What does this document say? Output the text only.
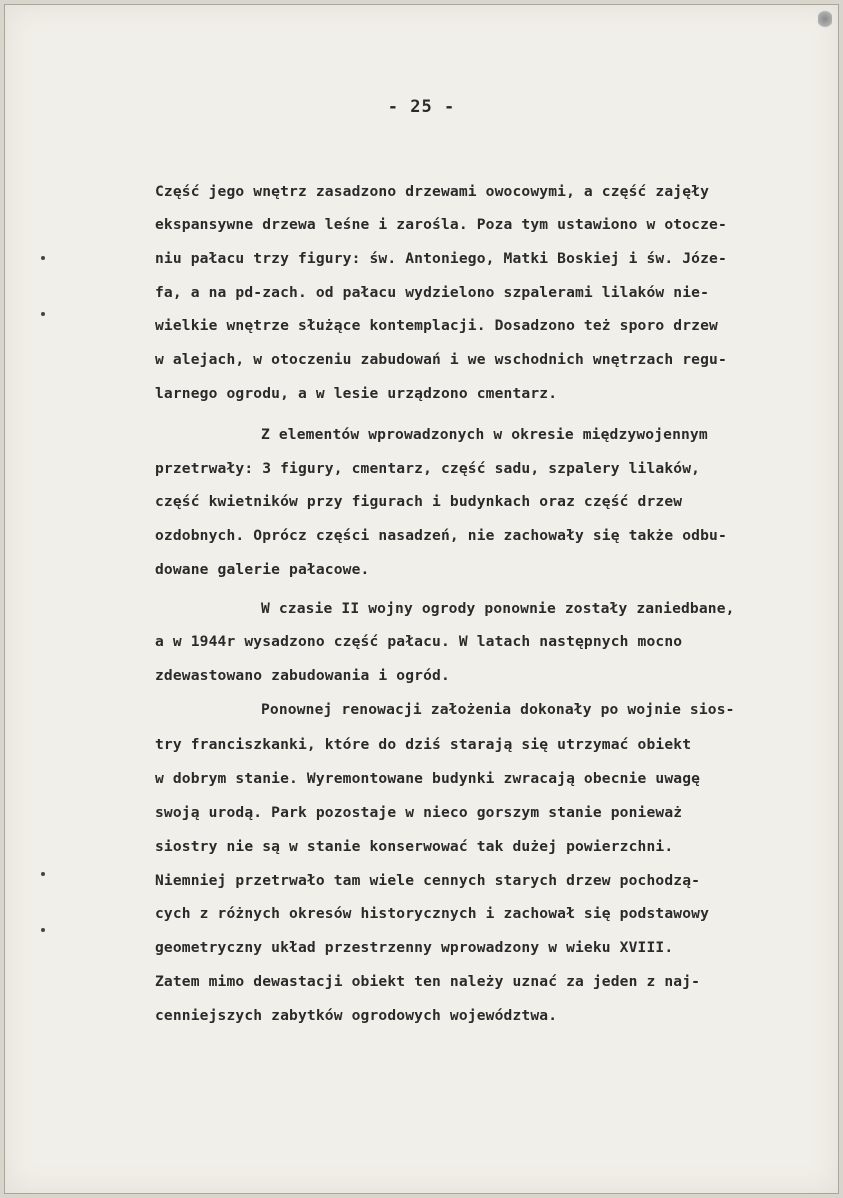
- 25 -

Część jego wnętrz zasadzono drzewami owocowymi, a część zajęły

ekspansywne drzewa leśne i zarośla. Poza tym ustawiono w otocze-

niu pałacu trzy figury: św. Antoniego, Matki Boskiej i św. Józe-

fa, a na pd-zach. od pałacu wydzielono szpalerami lilaków nie-

wielkie wnętrze służące kontemplacji. Dosadzono też sporo drzew

w alejach, w otoczeniu zabudowań i we wschodnich wnętrzach regu-

larnego ogrodu, a w lesie urządzono cmentarz.

Z elementów wprowadzonych w okresie międzywojennym

przetrwały: 3 figury, cmentarz, część sadu, szpalery lilaków,

część kwietników przy figurach i budynkach oraz część drzew

ozdobnych. Oprócz części nasadzeń, nie zachowały się także odbu-

dowane galerie pałacowe.

W czasie II wojny ogrody ponownie zostały zaniedbane,

a w 1944r wysadzono część pałacu. W latach następnych mocno

zdewastowano zabudowania i ogród.

Ponownej renowacji założenia dokonały po wojnie sios-

try franciszkanki, które do dziś starają się utrzymać obiekt

w dobrym stanie. Wyremontowane budynki zwracają obecnie uwagę

swoją urodą. Park pozostaje w nieco gorszym stanie ponieważ

siostry nie są w stanie konserwować tak dużej powierzchni.

Niemniej przetrwało tam wiele cennych starych drzew pochodzą-

cych z różnych okresów historycznych i zachował się podstawowy

geometryczny układ przestrzenny wprowadzony w wieku XVIII.

Zatem mimo dewastacji obiekt ten należy uznać za jeden z naj-

cenniejszych zabytków ogrodowych województwa.
